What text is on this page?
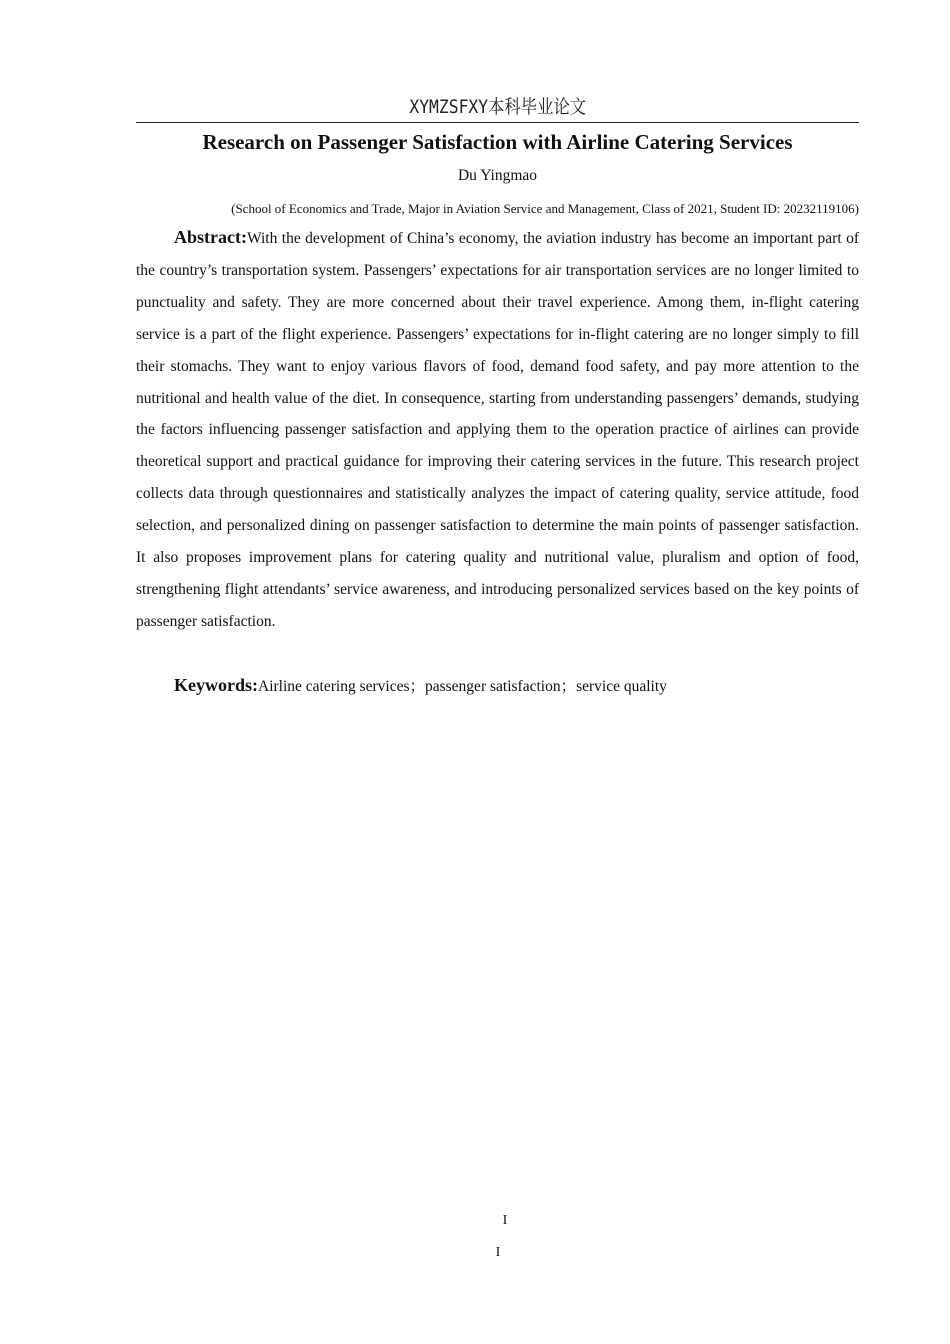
XYMZSFXY本科毕业论文
Research on Passenger Satisfaction with Airline Catering Services
Du Yingmao
(School of Economics and Trade, Major in Aviation Service and Management, Class of 2021, Student ID: 20232119106)

Abstract:With the development of China’s economy, the aviation industry has become an important part of the country’s transportation system. Passengers’ expectations for air transportation services are no longer limited to punctuality and safety. They are more concerned about their travel experience. Among them, in-flight catering service is a part of the flight experience. Passengers’ expectations for in-flight catering are no longer simply to fill their stomachs. They want to enjoy various flavors of food, demand food safety, and pay more attention to the nutritional and health value of the diet. In consequence, starting from understanding passengers’ demands, studying the factors influencing passenger satisfaction and applying them to the operation practice of airlines can provide theoretical support and practical guidance for improving their catering services in the future. This research project collects data through questionnaires and statistically analyzes the impact of catering quality, service attitude, food selection, and personalized dining on passenger satisfaction to determine the main points of passenger satisfaction. It also proposes improvement plans for catering quality and nutritional value, pluralism and option of food, strengthening flight attendants’ service awareness, and introducing personalized services based on the key points of passenger satisfaction.

Keywords:Airline catering services；passenger satisfaction；service quality

I
I
